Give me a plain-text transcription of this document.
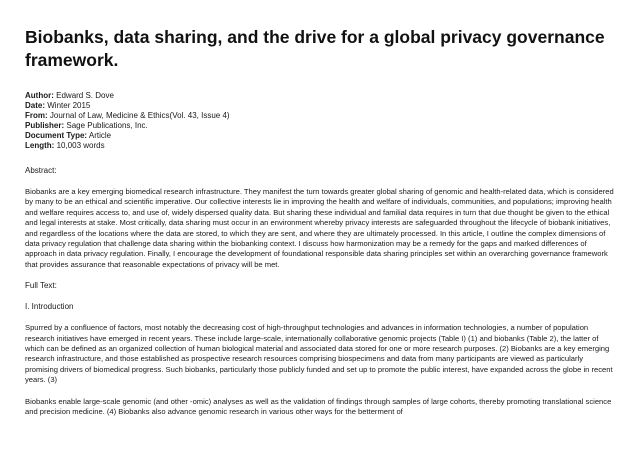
Biobanks, data sharing, and the drive for a global privacy governance framework.
Author: Edward S. Dove
Date: Winter 2015
From: Journal of Law, Medicine & Ethics(Vol. 43, Issue 4)
Publisher: Sage Publications, Inc.
Document Type: Article
Length: 10,003 words
Abstract:

Biobanks are a key emerging biomedical research infrastructure. They manifest the turn towards greater global sharing of genomic and health-related data, which is considered by many to be an ethical and scientific imperative. Our collective interests lie in improving the health and welfare of individuals, communities, and populations; improving health and welfare requires access to, and use of, widely dispersed quality data. But sharing these individual and familial data requires in turn that due thought be given to the ethical and legal interests at stake. Most critically, data sharing must occur in an environment whereby privacy interests are safeguarded throughout the lifecycle of biobank initiatives, and regardless of the locations where the data are stored, to which they are sent, and where they are ultimately processed. In this article, I outline the complex dimensions of data privacy regulation that challenge data sharing within the biobanking context. I discuss how harmonization may be a remedy for the gaps and marked differences of approach in data privacy regulation. Finally, I encourage the development of foundational responsible data sharing principles set within an overarching governance framework that provides assurance that reasonable expectations of privacy will be met.

Full Text:
I. Introduction

Spurred by a confluence of factors, most notably the decreasing cost of high-throughput technologies and advances in information technologies, a number of population research initiatives have emerged in recent years. These include large-scale, internationally collaborative genomic projects (Table I) (1) and biobanks (Table 2), the latter of which can be defined as an organized collection of human biological material and associated data stored for one or more research purposes. (2) Biobanks are a key emerging research infrastructure, and those established as prospective research resources comprising biospecimens and data from many participants are viewed as particularly promising drivers of biomedical progress. Such biobanks, particularly those publicly funded and set up to promote the public interest, have expanded across the globe in recent years. (3)

Biobanks enable large-scale genomic (and other -omic) analyses as well as the validation of findings through samples of large cohorts, thereby promoting translational science and precision medicine. (4) Biobanks also advance genomic research in various other ways for the betterment of
